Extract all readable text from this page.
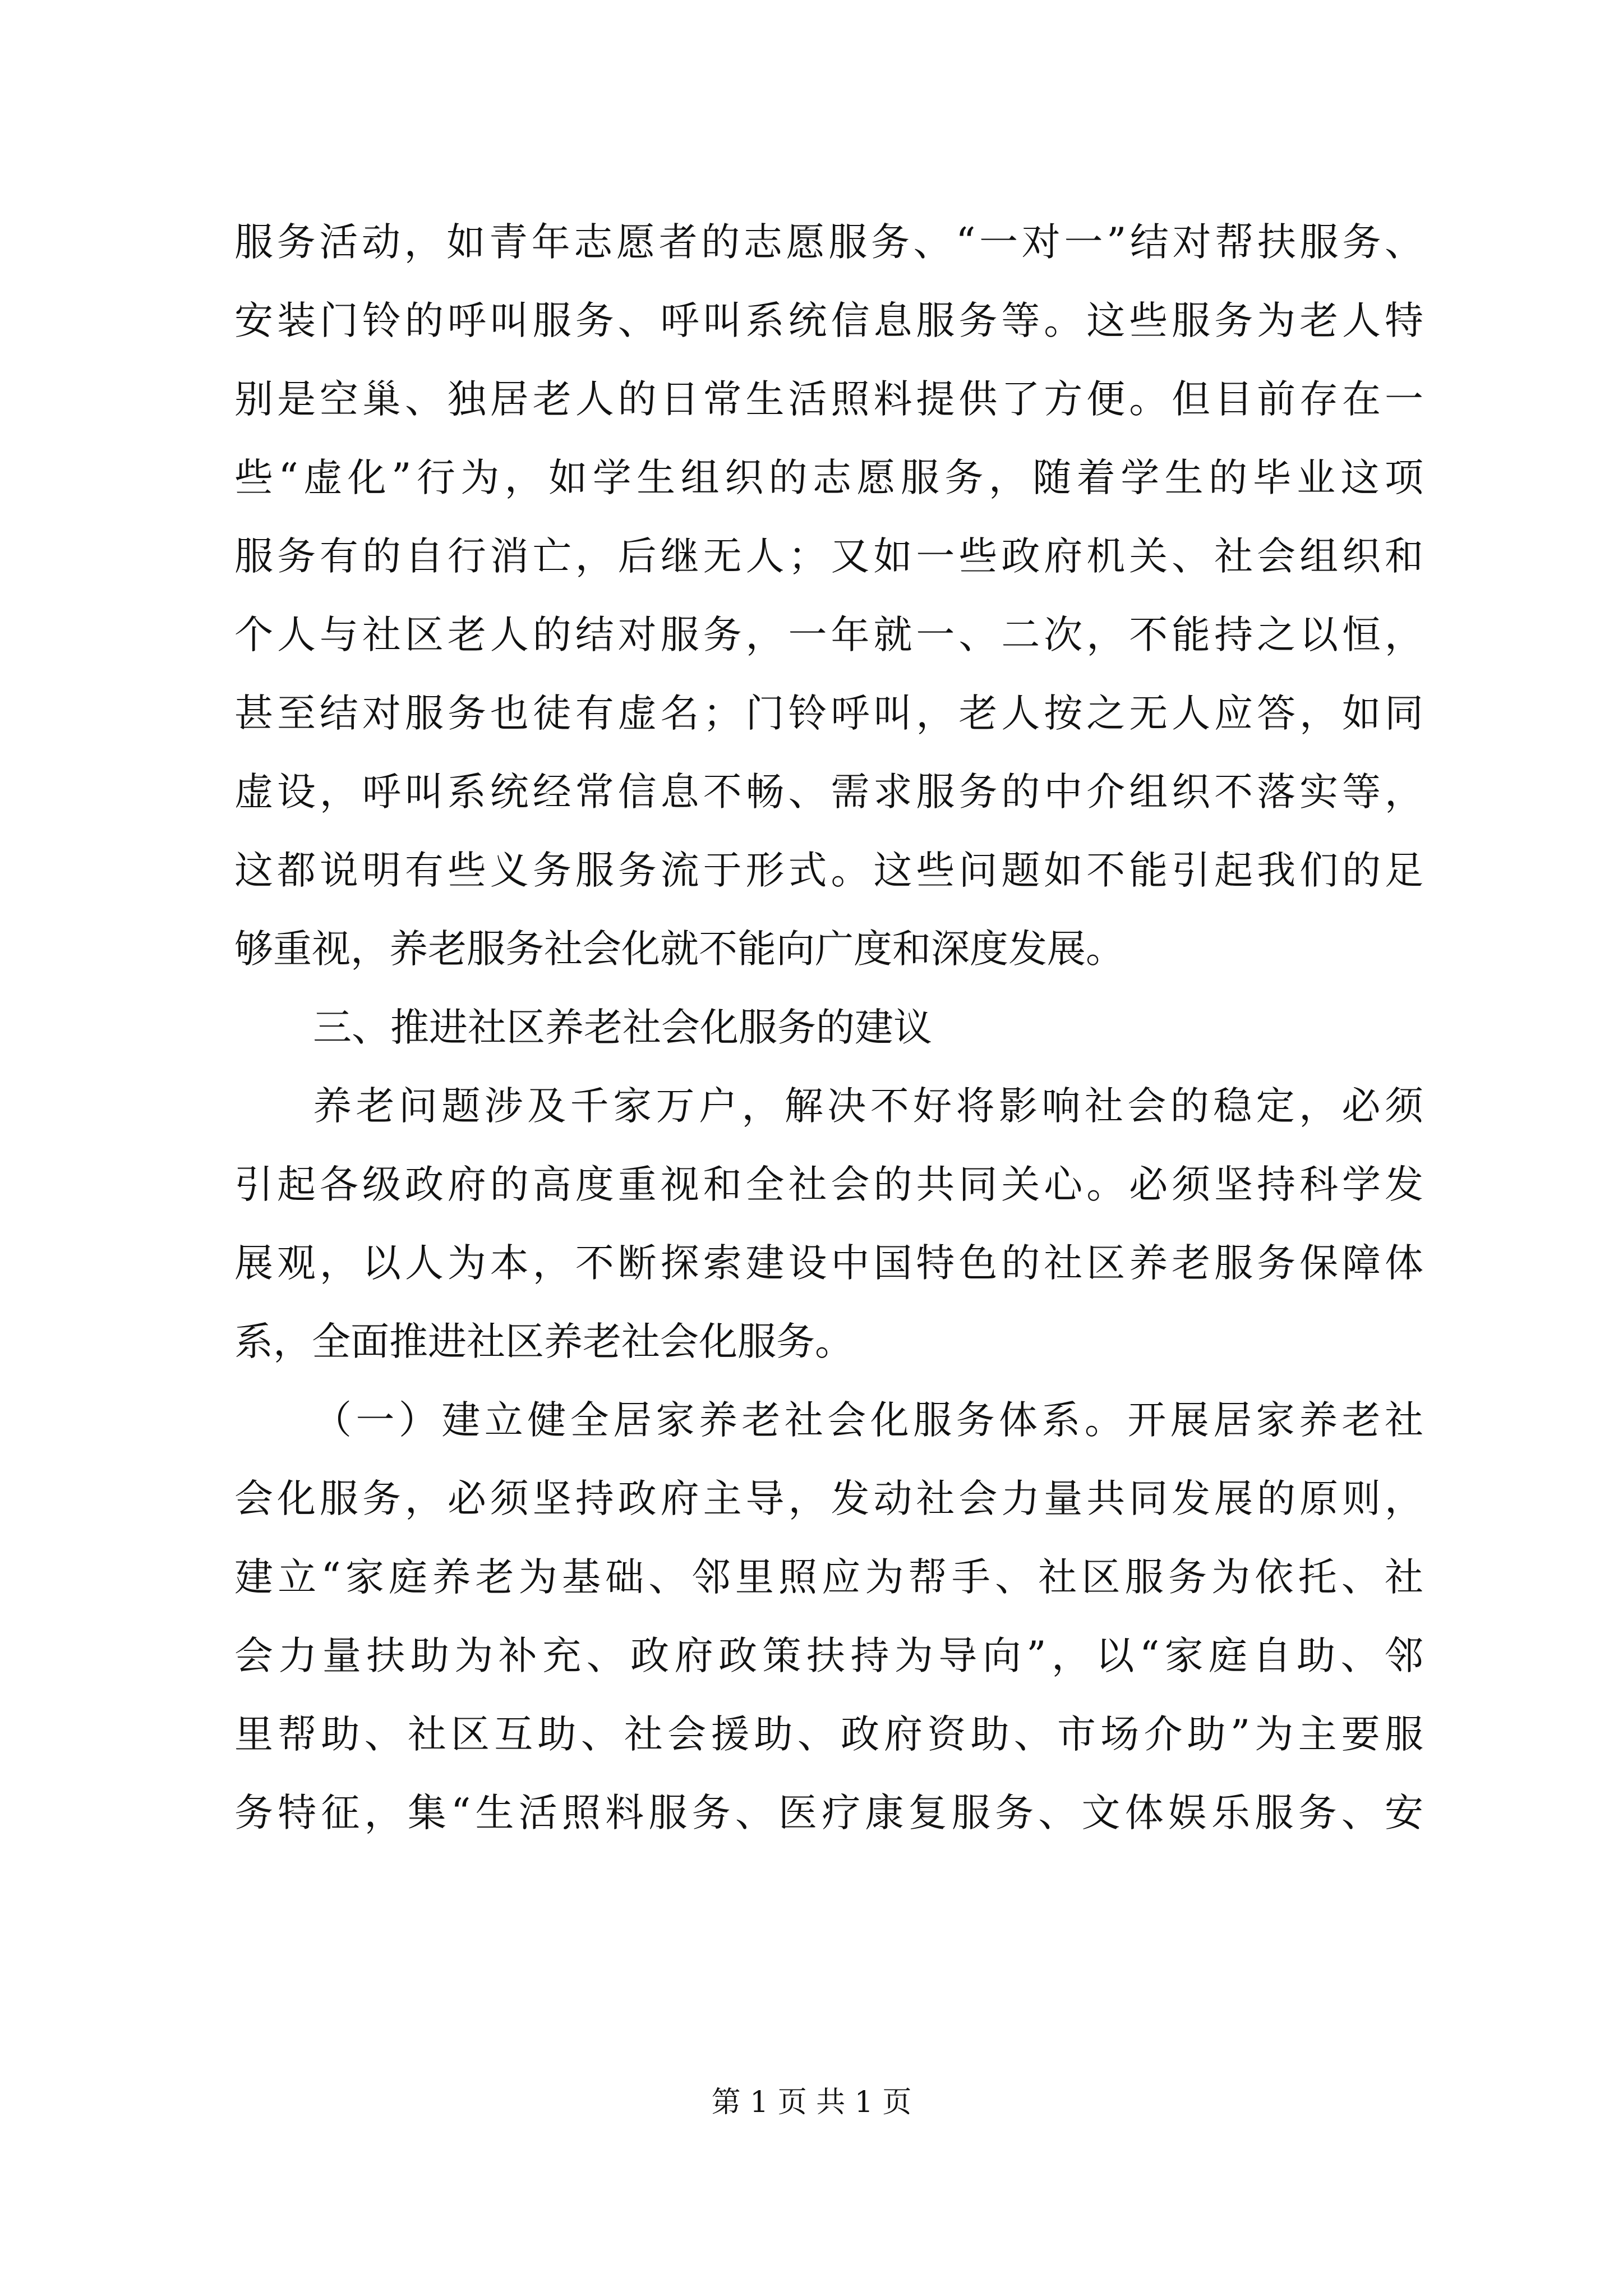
服务活动，如青年志愿者的志愿服务、“一对一”结对帮扶服务、
安装门铃的呼叫服务、呼叫系统信息服务等。这些服务为老人特
别是空巢、独居老人的日常生活照料提供了方便。但目前存在一
些“虚化”行为，如学生组织的志愿服务，随着学生的毕业这项
服务有的自行消亡，后继无人；又如一些政府机关、社会组织和
个人与社区老人的结对服务，一年就一、二次，不能持之以恒，
甚至结对服务也徒有虚名；门铃呼叫，老人按之无人应答，如同
虚设，呼叫系统经常信息不畅、需求服务的中介组织不落实等，
这都说明有些义务服务流于形式。这些问题如不能引起我们的足
够重视，养老服务社会化就不能向广度和深度发展。
三、推进社区养老社会化服务的建议
养老问题涉及千家万户，解决不好将影响社会的稳定，必须
引起各级政府的高度重视和全社会的共同关心。必须坚持科学发
展观，以人为本，不断探索建设中国特色的社区养老服务保障体
系，全面推进社区养老社会化服务。
（一）建立健全居家养老社会化服务体系。开展居家养老社
会化服务，必须坚持政府主导，发动社会力量共同发展的原则，
建立“家庭养老为基础、邻里照应为帮手、社区服务为依托、社
会力量扶助为补充、政府政策扶持为导向”，以“家庭自助、邻
里帮助、社区互助、社会援助、政府资助、市场介助”为主要服
务特征，集“生活照料服务、医疗康复服务、文体娱乐服务、安
第 1 页 共 1 页
